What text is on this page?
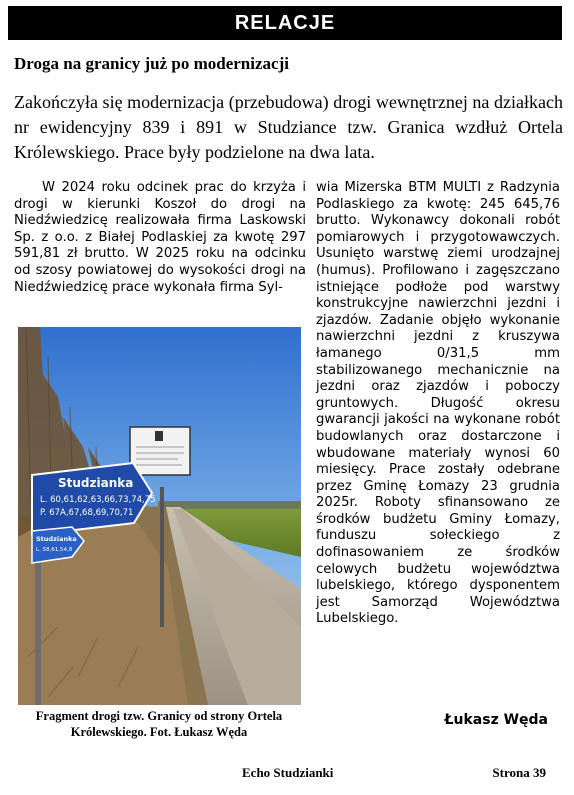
RELACJE
Droga na granicy już po modernizacji
Zakończyła się modernizacja (przebudowa) drogi wewnętrznej na działkach nr ewidencyjny 839 i 891 w Studziance tzw. Granica wzdłuż Ortela Królewskiego. Prace były podzielone na dwa lata.

W 2024 roku odcinek prac do krzyża i drogi w kierunki Koszoł do drogi na Niedźwiedzicę realizowała firma Laskowski Sp. z o.o. z Białej Podlaskiej za kwotę 297 591,81 zł brutto. W 2025 roku na odcinku od szosy powiatowej do wysokości drogi na Niedźwiedzicę prace wykonała firma Syl-

wia Mizerska BTM MULTI z Radzynia Podlaskiego za kwotę: 245 645,76 brutto. Wykonawcy dokonali robót pomiarowych i przygotowawczych. Usunięto warstwę ziemi urodzajnej (humus). Profilowano i zagęszczano istniejące podłoże pod warstwy konstrukcyjne nawierzchni jezdni i zjazdów. Zadanie objęło wykonanie nawierzchni jezdni z kruszywa łamanego 0/31,5 mm stabilizowanego mechanicznie na jezdni oraz zjazdów i poboczy gruntowych. Długość okresu gwarancji jakości na wykonane robót budowlanych oraz dostarczone i wbudowane materiały wynosi 60 miesięcy. Prace zostały odebrane przez Gminę Łomazy 23 grudnia 2025r. Roboty sfinansowano ze środków budżetu Gminy Łomazy, funduszu sołeckiego z dofinasowaniem ze środków celowych budżetu województwa lubelskiego, którego dysponentem jest Samorząd Województwa Lubelskiego.

Studzianka
L. 60,61,62,63,66,73,74,75
P. 67A,67,68,69,70,71
Studzianka
L. 58,61,54,8
Fragment drogi tzw. Granicy od strony Ortela Królewskiego. Fot. Łukasz Węda
Łukasz Węda
Echo Studzianki	Strona 39
